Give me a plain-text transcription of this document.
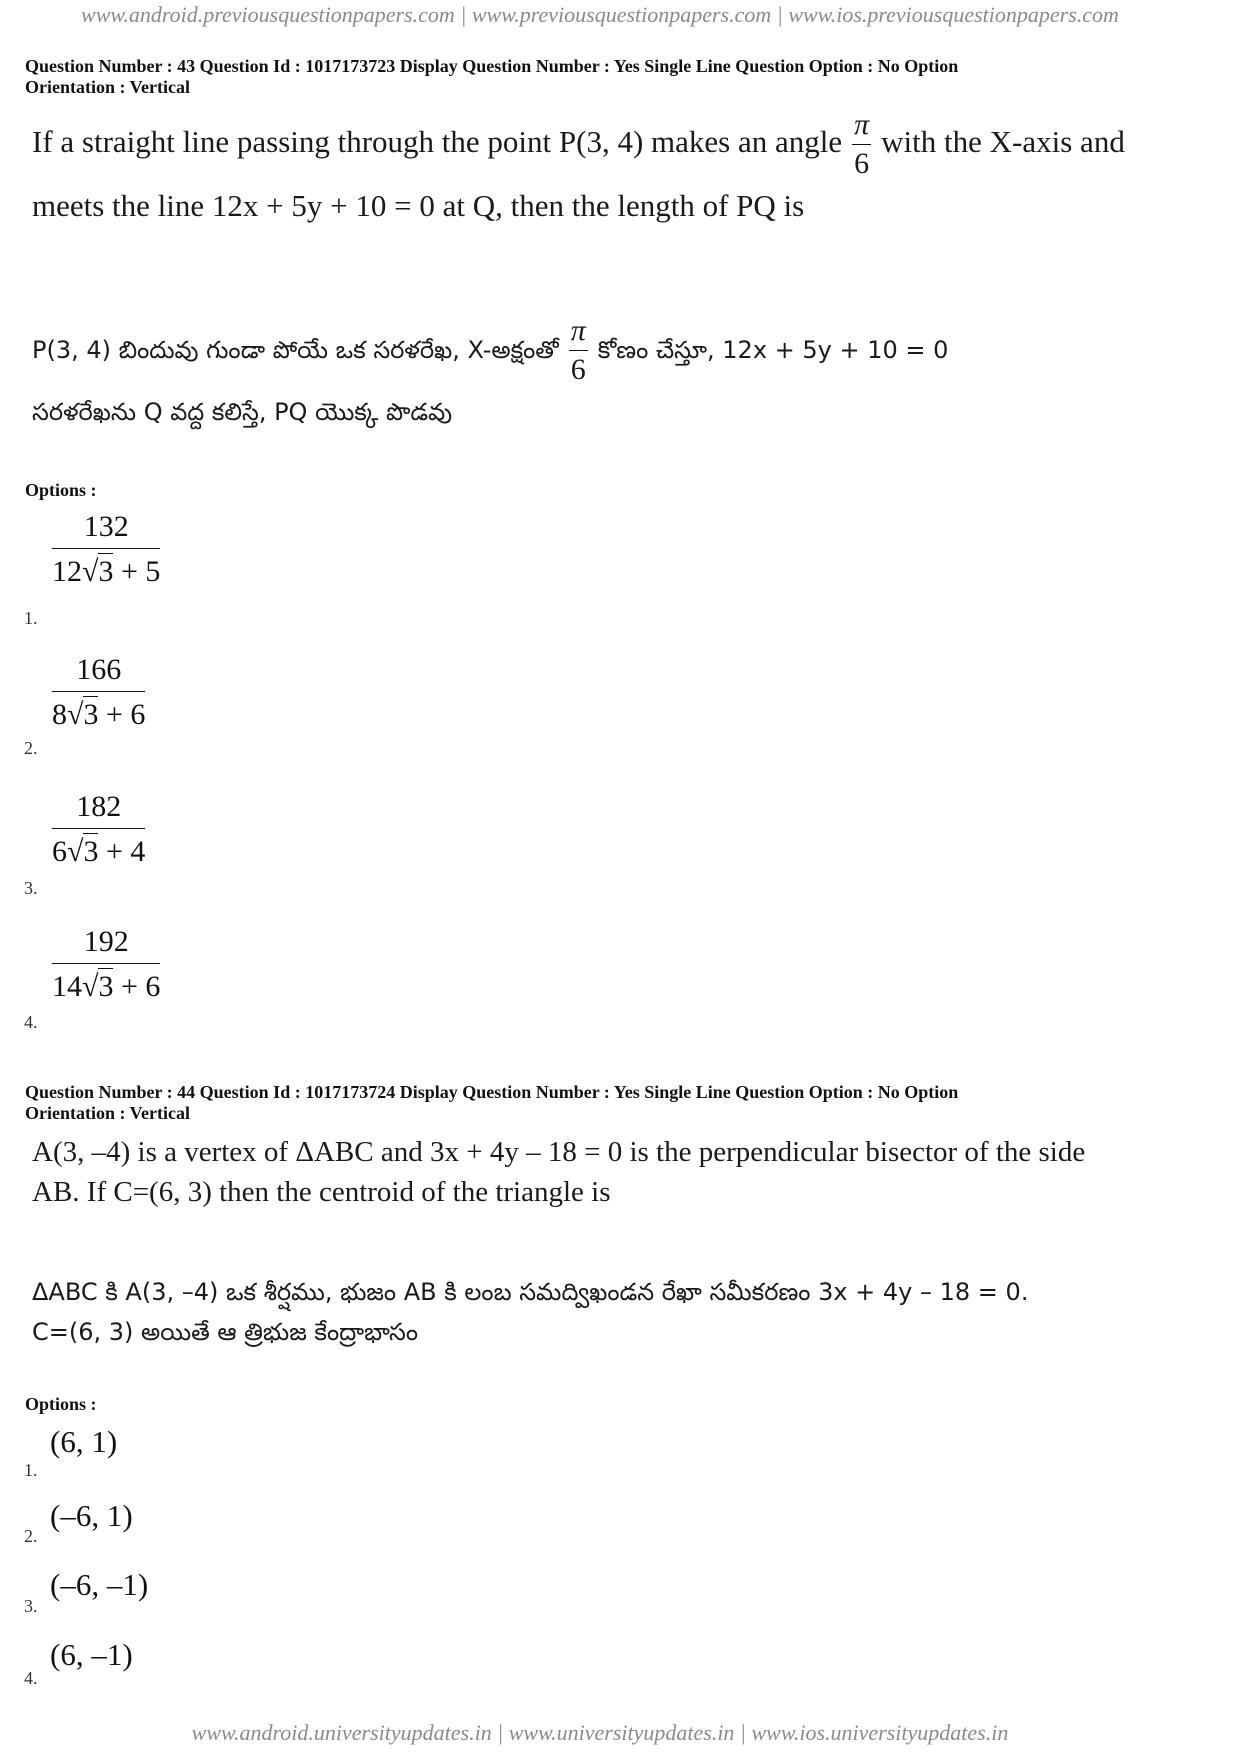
www.android.previousquestionpapers.com | www.previousquestionpapers.com | www.ios.previousquestionpapers.com
Question Number : 43 Question Id : 1017173723 Display Question Number : Yes Single Line Question Option : No Option
Orientation : Vertical
If a straight line passing through the point P(3, 4) makes an angle $\frac{\pi}{6}$ with the X-axis and
meets the line 12x + 5y + 10 = 0 at Q, then the length of PQ is
P(3, 4) బిందువు గుండా పోయే ఒక సరళరేఖ, X-అక్షంతో $\frac{\pi}{6}$ కోణం చేస్తూ, 12x + 5y + 10 = 0
సరళరేఖను Q వద్ద కలిస్తే, PQ యొక్క పొడవు
Options :
$\frac{132}{12√3 + 5}$
1.
$\frac{166}{8√3 + 6}$
2.
$\frac{182}{6√3 + 4}$
3.
$\frac{192}{14√3 + 6}$
4.
Question Number : 44 Question Id : 1017173724 Display Question Number : Yes Single Line Question Option : No Option
Orientation : Vertical
A(3, –4) is a vertex of ΔABC and 3x + 4y – 18 = 0 is the perpendicular bisector of the side
AB. If C=(6, 3) then the centroid of the triangle is
ΔABC కి A(3, –4) ఒక శీర్షము, భుజం AB కి లంబ సమద్విఖండన రేఖా సమీకరణం 3x + 4y – 18 = 0.
C=(6, 3) అయితే ఆ త్రిభుజ కేంద్రాభాసం
Options :
(6, 1)
1.
(–6, 1)
2.
(–6, –1)
3.
(6, –1)
4.
www.android.universityupdates.in | www.universityupdates.in | www.ios.universityupdates.in
